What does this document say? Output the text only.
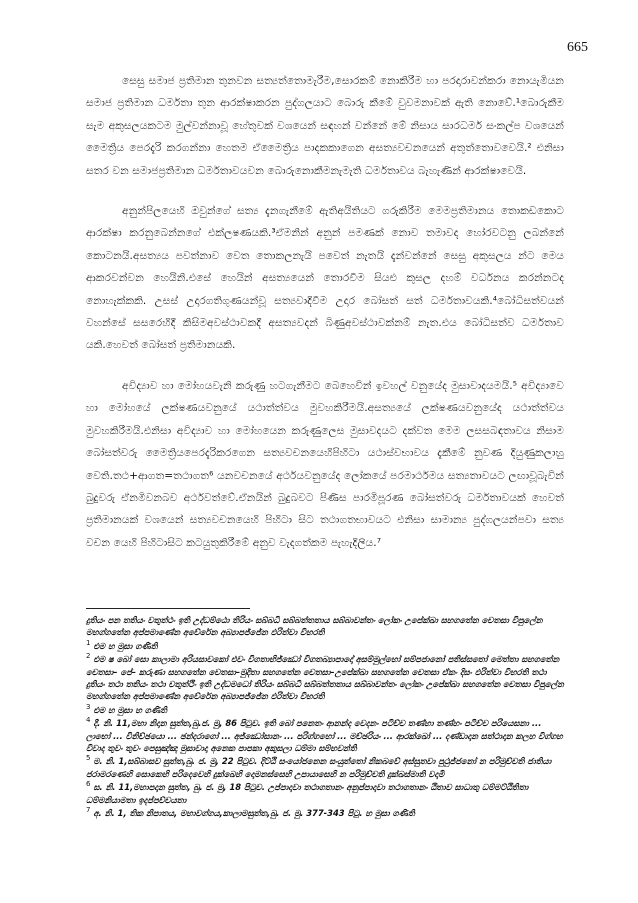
665

සෙසු සමාජ ප්‍රතිමාන තුනවන සත්‍යත්තොමැරීම,සොරකම් නොකිරීම හා පරදාරාවන්කරා නොයැමියන සමාජ ප්‍රතිමාන ධර්මතා තුන ආරක්ෂාකරන පුද්ගලයාට බොරු කීමේ වුවමනාවක් ඇති නොවේ.¹බොරුකීම සැම අකුසලයකටම මුල්වන්නාවූ හේතුවක් වශයෙන් සඳහන් වන්නේ මේ නිසාය සාරධර්ම සංකල්ප වශයෙන් මෛත්‍රිය පෙරදැරි කරගන්නා හෙතම ඒමෛත්‍රිය පාදකකාගෙන අසත්‍යවචනයෙන් අතුත්තොවවෙයි.² එනිසා සතර වන සමාජප්‍රතිමාන ධර්මතාවයවන බොරුනොකීමනැමැති ධර්මතාවය බැහැණින් ආරක්ෂාවෙයි.

අනුන්පිලයෙහි ඔවුන්ගේ සත්‍ය දැනගැනීමේ ඇතිඅයිතියට ගරුකිරීම මෙමප්‍රතිමානය තොකඩකොට ආරක්ෂා කරනුබෙන්නගේ එක්ලෂණයකි.³ඒමනින් අනුන් පමණක් නොව තමාවද හෝරවටනු ලබන්නේ කොටනයි.අසත්‍යය පවත්නාව වෙත තොකලනැයි පවෙත් නැතයි දැන්වන්නේ සෙසු අකුසලය න්ට මෙය ආකරවන්වන හෙයිනි.එසේ හෙයින් අසත්‍යයෙන් තොරවීම සියළු කුසල දහම් වර්ධනය කරන්නටද නොහැක්කකි. උසස් උදාරගතිගුණයන්වූ සත්‍යවාදිවීම උදාර බෝසත් සත් ධර්මතාවයකි.⁴බෝධිසත්වයන් වහන්සේ සසරෙහිදී කිසිමඅවස්ථාවකදී අසත්‍යවදන් බිණුඅවස්ථාවක්නම් නැත.එය බෝධිසත්ව ධර්මතාව යකි.හෙවත් බෝසත් ප්‍රතිමානයකි.

අවිද්‍යාව හා මෝහයවැනි කරුණු හටගැනීමට බෙහෙවින් ඉවහල් වනුයේද මුසාවාදයමයි.⁵ අවිද්‍යාවෙ හා මෝහයේ ලක්ෂණයවනුයේ යථාත්ත්වය මුවහකිරීමයි.අසත්‍යයේ ලක්ෂණයවනුයේද යථාත්ත්වය මුවහකිරීමයි.එනිසා අවිද්‍යාව හා මෝහයෙන කරුණුලෙස මුසාවදයට දක්වත මෙම ලසසබඳතාවය නිසාම බෝසත්වරු මෛත්‍රියපෙරදැරිකරගෙන සත්‍යවචනයෙහිපිහිටා යථාස්වභාවය දැකීමේ නුවණ දියුණුකලාහු වෙති.තථ+ආගත=තථාගත⁶ යනවචනයේ අර්ථයවනුයේද ලෝකයේ පරමාර්ථමය සත්‍යතාවයට ලඟාවූබැවින් බුදුවරු ඒනමිවනබව අර්ථවත්වේ.ඒනයින් බුදුබවට පිණිස පාරමිපූරණ බෝසත්වරු ධර්මතාවයක් හෙවත් ප්‍රතිමානයක් වශයෙන් සත්‍යවචනයෙහි පිහිටා සිට තථාගතභාවයට එනිසා සාමාන්‍ය පුද්ගලයන්පවා සත්‍ය වචන යෙහි පිහිටාසිට කටයුතුකිරීමේ අනුව වැදගත්කම පැහැදිලිය.⁷

දුතියං පන තතියං වතුත්ථං ඉති උද්ධම්ඨො තිරියං සබ්බධි සබ්බත්තතාය සබ්බාවන්තං ලෝකං උපේක්ඛා සහගතේන චෙතසා විපුලේන මහග්ගතේන අප්පමාණේන අවේරේන අබ්‍යාපජ්ජේන ඵරිත්වා විහරති

$^1$ එම හ මුසා ගණිති

$^2$ එම ෂ බෝ සො කාලාමා අරියසාවකෝ එවං විගතාභිජ්ඣෝ විගතබ්‍යාපාදෝ අසම්මුල්හෝ සම්පජානෝ පතිස්සතෝ මෙත්තා සහගතේන චෙතසා– පේ– කරුණා සහගතේන චෙතසා–මුදිතා සහගතේන චෙතසා–උපේක්ඛා සහගතේන චෙතසා ඒකං දිසං ඵරිත්වා විහරති තථා දුතියං තථා තතියං තථා චතුත්ථිං ඉති උද්ධමධෝ තිරියං සබ්බධි සබ්බත්තතාය සබ්බාවන්තං ලෝකං උපේක්ඛා සහගතේන චෙතසා විපුලේන මහග්ගතේන අප්පමාණේන අවේරේන අබ්‍යාපජ්ජේන ඵරිත්වා විහරති

$^3$ එම හ මුසා හ ගණිති

$^4$ දී. නි. 11,මහා නිදාන සුත්ත,බු.ජ. මු, 86 පිටුව. ඉති බෝ පනෙතං ආනන්ද වෙදනං පටිච්ච තණ්හා තණ්හං පටිච්ච පරියෙසනා ... ලාභෝ ... විනිච්ඡයො ... ඡන්දරාගෝ ... අජ්ඣෝසානං ... පරිග්ගහෝ ... මච්ඡරියං ... ආරක්ඛෝ ... දණ්ඩාදාන සත්ථාදාන කලහ විග්ගහ විවාද තුවං තුවං පෙසුඤ්ඤ මුසාවාදා අනෙක පාපකා අකුසලා ධම්මා සම්භවන්ති

$^5$ ම. නි. 1,සබ්බාසව සුත්ත,බු. ජ. මු, 22 පිටුව. දිට්ඨි සංයෝජනෙන සංයුත්තෝ නිකබවේ අස්සුතවා පුථුජ්ජනෝ න පරිමුච්චති ජාතියා ජරාමරණෙහි සොකෙහි පරිදෙවෙහි දුක්ඛෙහි දොමනස්සෙහි උපායාසෙහි න පරිමුච්චති දුක්ඛස්මාති වදාමි

$^6$ ස. නි. 11,මහාපදාන සුත්ත, බු. ජ. මු, 18 පිටුව. උප්පාදාවා තථාගතානං අනුප්පාදාවා තථාගතානං ඨිතාව සාධාතු ධම්මට්ඨිතිතා ධම්මනියාමතා ඉදප්පච්චයතා

$^7$ අ. නි. 1, තික නිපාතය, මහාවග්ගය,කාලාමසුත්ත,බු. ජ. මු. 377-343 පිටු. හ මුසා ගණිති
